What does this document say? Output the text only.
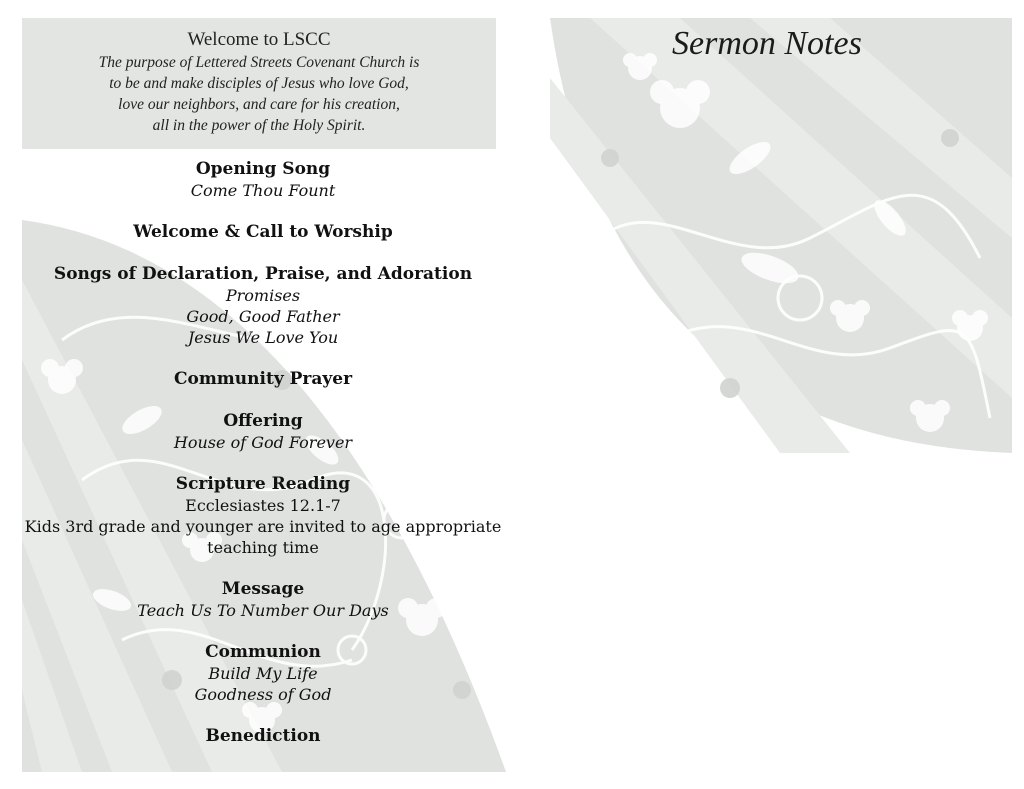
Welcome to LSCC
The purpose of Lettered Streets Covenant Church is
to be and make disciples of Jesus who love God,
love our neighbors, and care for his creation,
all in the power of the Holy Spirit.
Opening Song
Come Thou Fount
Welcome & Call to Worship
Songs of Declaration, Praise, and Adoration
Promises
Good, Good Father
Jesus We Love You
Community Prayer
Offering
House of God Forever
Scripture Reading
Ecclesiastes 12.1-7
Kids 3rd grade and younger are invited to age appropriate
teaching time
Message
Teach Us To Number Our Days
Communion
Build My Life
Goodness of God
Benediction
Sermon Notes
